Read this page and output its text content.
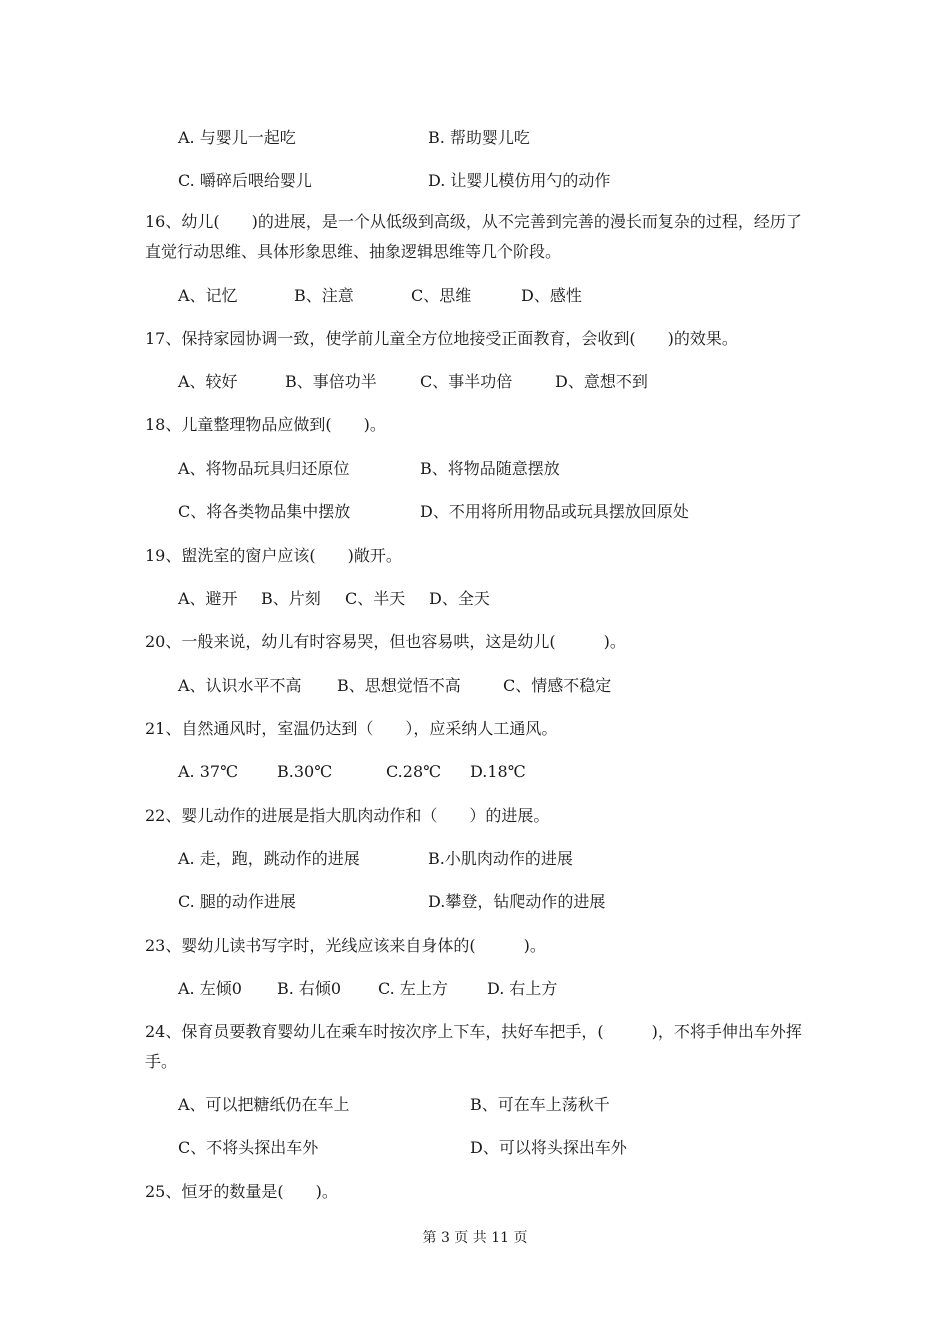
A. 与婴儿一起吃	B. 帮助婴儿吃
C. 嚼碎后喂给婴儿	D. 让婴儿模仿用勺的动作
16、幼儿(　　)的进展，是一个从低级到高级，从不完善到完善的漫长而复杂的过程，经历了直觉行动思维、具体形象思维、抽象逻辑思维等几个阶段。
A、记忆	B、注意	C、思维	D、感性
17、保持家园协调一致，使学前儿童全方位地接受正面教育，会收到(　　)的效果。
A、较好	B、事倍功半	C、事半功倍	D、意想不到
18、儿童整理物品应做到(　　)。
A、将物品玩具归还原位	B、将物品随意摆放
C、将各类物品集中摆放	D、不用将所用物品或玩具摆放回原处
19、盥洗室的窗户应该(　　)敞开。
A、避开 B、片刻 C、半天 D、全天
20、一般来说，幼儿有时容易哭，但也容易哄，这是幼儿(　　　)。
A、认识水平不高 B、思想觉悟不高	C、情感不稳定
21、自然通风时，室温仍达到（　　），应采纳人工通风。
A. 37℃ B.30℃	C.28℃ D.18℃
22、婴儿动作的进展是指大肌肉动作和（　　）的进展。
A. 走，跑，跳动作的进展	B.小肌肉动作的进展
C. 腿的动作进展	D.攀登，钻爬动作的进展
23、婴幼儿读书写字时，光线应该来自身体的(　　　)。
A. 左倾0 B. 右倾0 C. 左上方 D. 右上方
24、保育员要教育婴幼儿在乘车时按次序上下车，扶好车把手，(　　　)，不将手伸出车外挥手。
A、可以把糖纸仍在车上	B、可在车上荡秋千
C、不将头探出车外	D、可以将头探出车外
25、恒牙的数量是(　　)。
第 3 页 共 11 页
